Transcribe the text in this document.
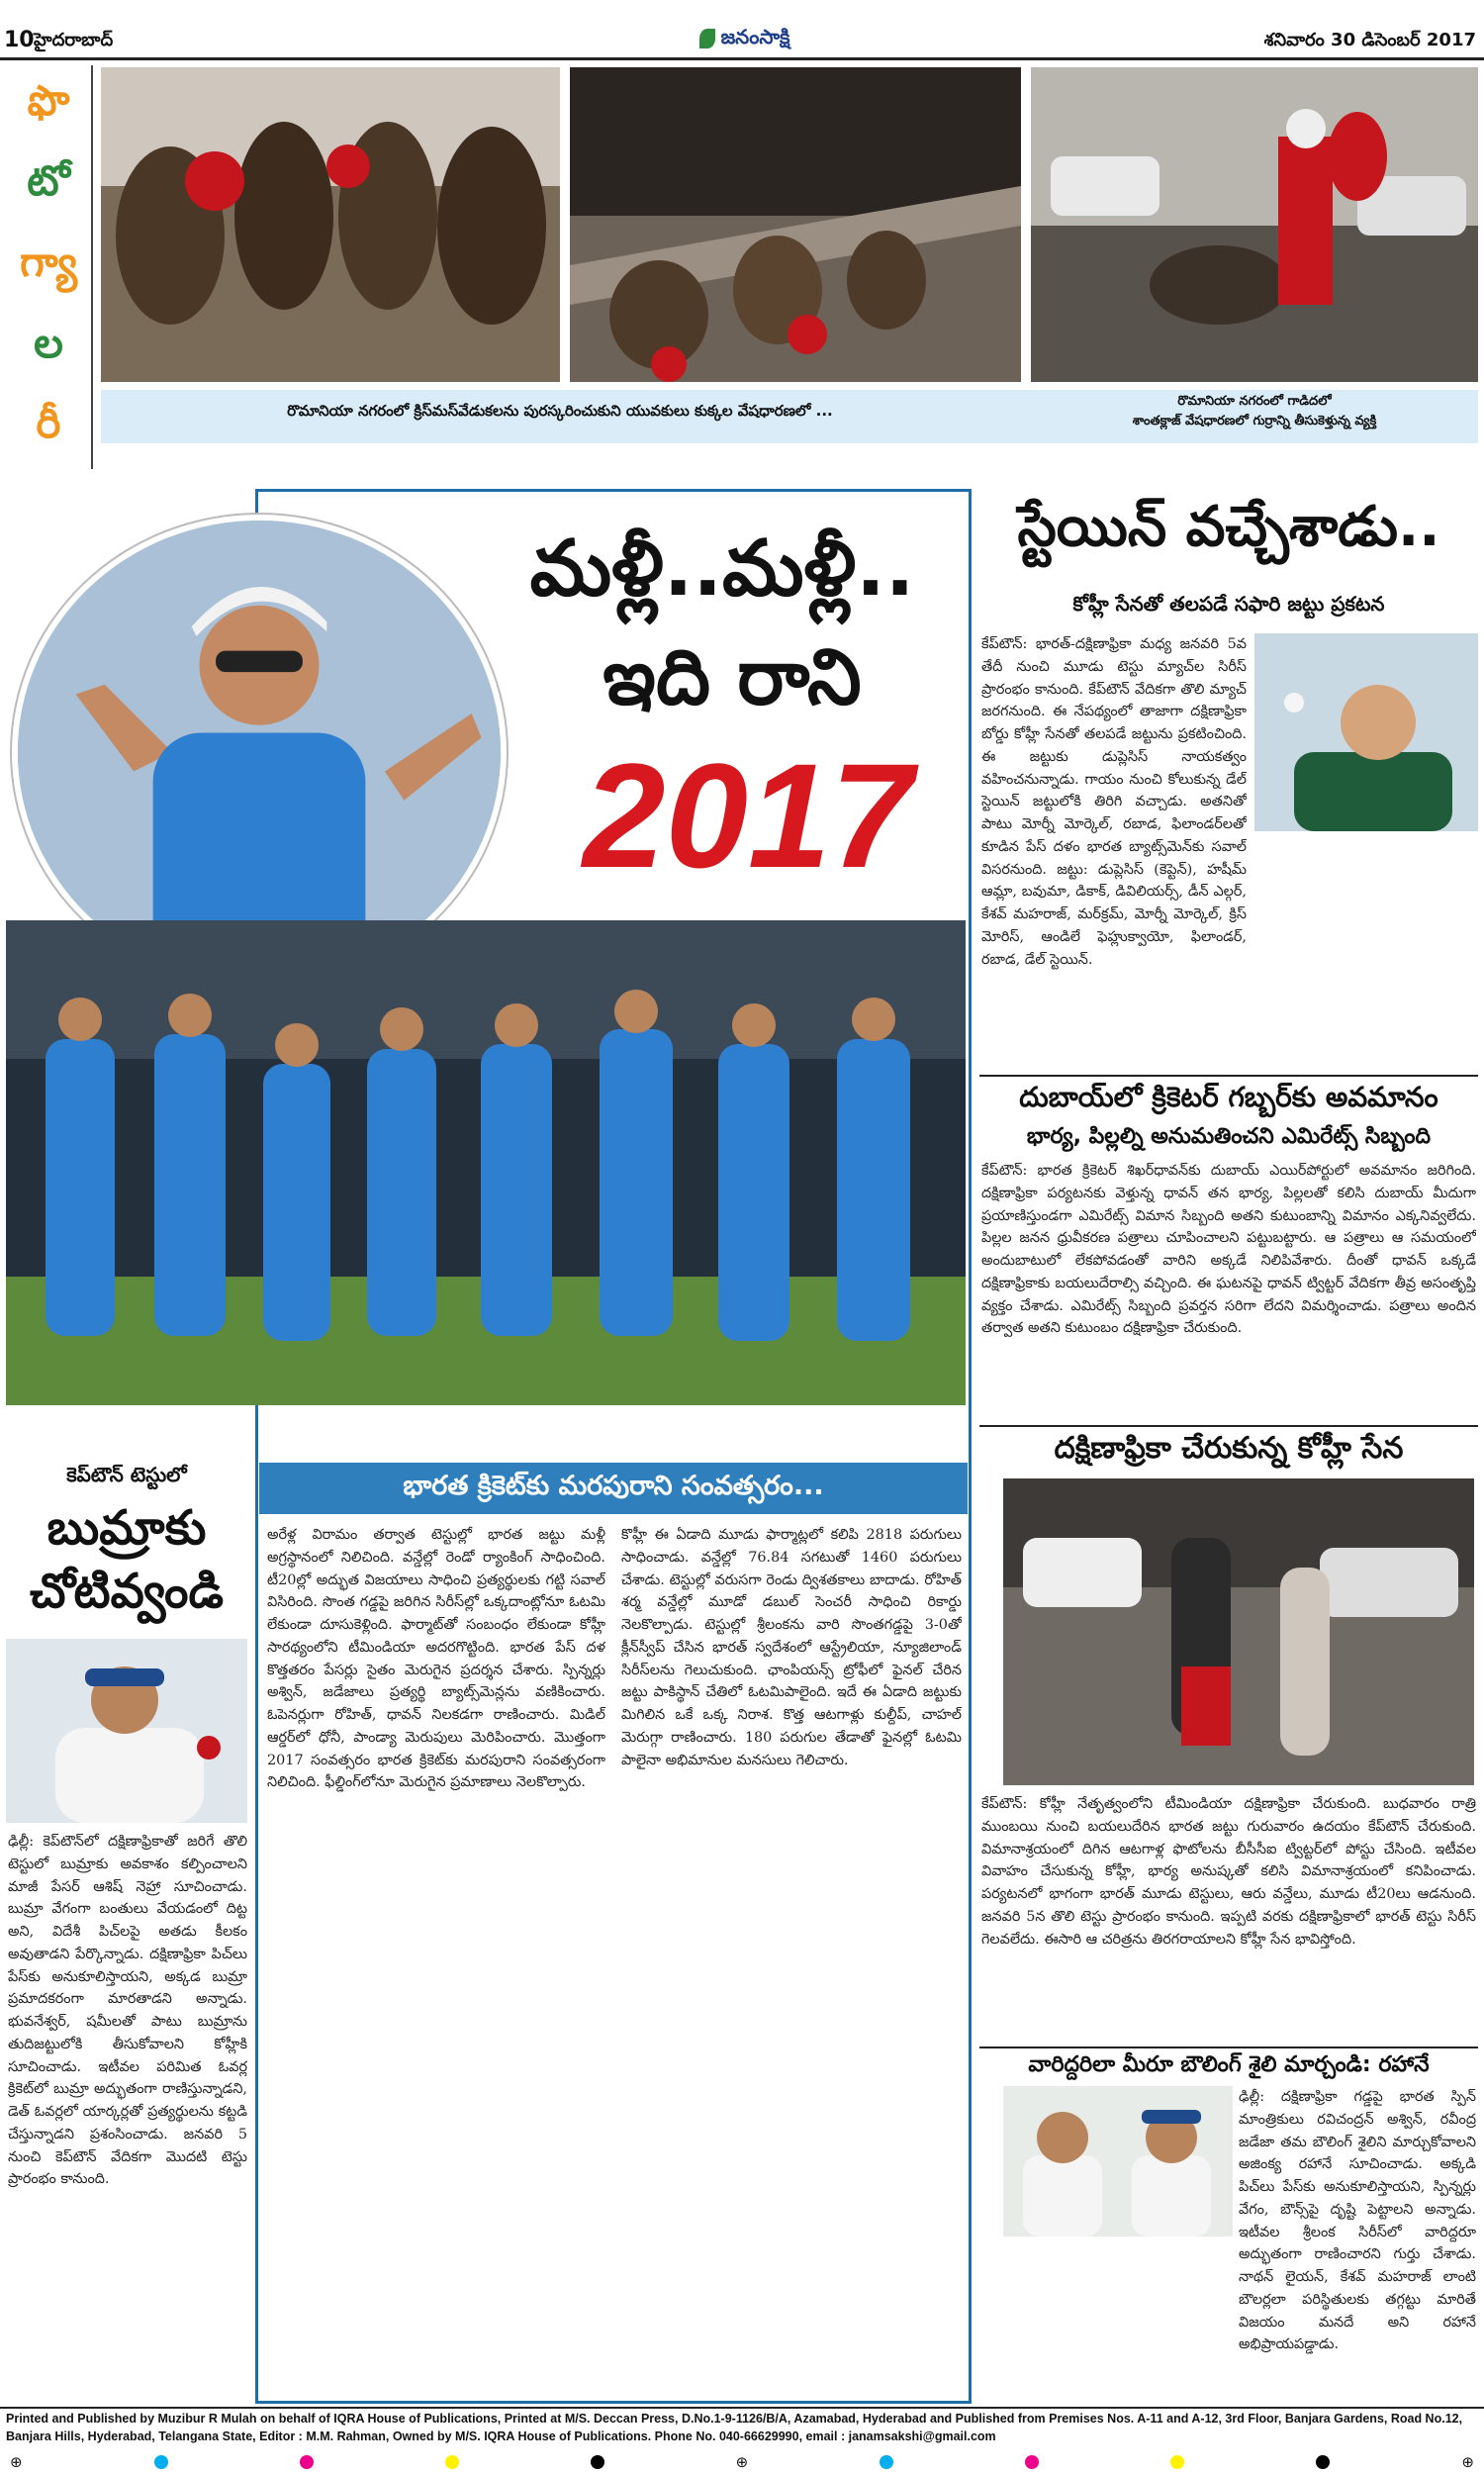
10 హైదరాబాద్	జనంసాక్షి	శనివారం 30 డిసెంబర్ 2017
ఫొ
టో
గ్యా
ల
రీ	రొమానియా నగరంలో క్రిస్‌మస్‌వేడుకలను పురస్కరించుకుని యువకులు కుక్కల వేషధారణలో ...
రొమానియా నగరంలో గాడిదలో
శాంతక్లాజ్ వేషధారణలో గుర్రాన్ని తీసుకెళ్తున్న వ్యక్తి
మళ్లీ..మళ్లీ..
ఇది రాని
2017
భారత క్రికెట్‌కు మరపురాని సంవత్సరం...
అరేళ్ల విరామం తర్వాత టెస్టుల్లో భారత జట్టు మళ్లీ అగ్రస్థానంలో నిలిచింది. వన్డేల్లో రెండో ర్యాంకింగ్ సాధించింది. టీ20ల్లో అద్భుత విజయాలు సాధించి ప్రత్యర్థులకు గట్టి సవాల్ విసిరింది. సొంత గడ్డపై జరిగిన సిరీస్‌ల్లో ఒక్కదాంట్లోనూ ఓటమి లేకుండా దూసుకెళ్లింది. ఫార్మాట్‌తో సంబంధం లేకుండా కోహ్లీ సారథ్యంలోని టీమిండియా అదరగొట్టింది. భారత పేస్ దళ కొత్తతరం పేసర్లు సైతం మెరుగైన ప్రదర్శన చేశారు. స్పిన్నర్లు అశ్విన్, జడేజాలు ప్రత్యర్థి బ్యాట్స్‌మెన్లను వణికించారు. ఓపెనర్లుగా రోహిత్, ధావన్ నిలకడగా రాణించారు. మిడిల్ ఆర్డర్‌లో ధోనీ, పాండ్యా మెరుపులు మెరిపించారు. మొత్తంగా 2017 సంవత్సరం భారత క్రికెట్‌కు మరపురాని సంవత్సరంగా నిలిచింది. ఫీల్డింగ్‌లోనూ మెరుగైన ప్రమాణాలు నెలకొల్పారు.
కొహ్లీ ఈ ఏడాది మూడు ఫార్మాట్లలో కలిపి 2818 పరుగులు సాధించాడు. వన్డేల్లో 76.84 సగటుతో 1460 పరుగులు చేశాడు. టెస్టుల్లో వరుసగా రెండు ద్విశతకాలు బాదాడు. రోహిత్ శర్మ వన్డేల్లో మూడో డబుల్ సెంచరీ సాధించి రికార్డు నెలకొల్పాడు. టెస్టుల్లో శ్రీలంకను వారి సొంతగడ్డపై 3-0తో క్లీన్‌స్వీప్ చేసిన భారత్ స్వదేశంలో ఆస్ట్రేలియా, న్యూజిలాండ్ సిరీస్‌లను గెలుచుకుంది. ఛాంపియన్స్ ట్రోఫీలో ఫైనల్ చేరిన జట్టు పాకిస్థాన్ చేతిలో ఓటమిపాలైంది. ఇదే ఈ ఏడాది జట్టుకు మిగిలిన ఒకే ఒక్క నిరాశ. కొత్త ఆటగాళ్లు కుల్దీప్, చాహల్ మెరుగ్గా రాణించారు. 180 పరుగుల తేడాతో ఫైనల్లో ఓటమి పాలైనా అభిమానుల మనసులు గెలిచారు.
కెప్‌టౌన్ టెస్టులో
బుమ్రాకు
చోటివ్వండి
ఢిల్లీ: కెప్‌టౌన్‌లో దక్షిణాఫ్రికాతో జరిగే తొలి టెస్టులో బుమ్రాకు అవకాశం కల్పించాలని మాజీ పేసర్ ఆశిష్ నెహ్రా సూచించాడు. బుమ్రా వేగంగా బంతులు వేయడంలో దిట్ట అని, విదేశీ పిచ్‌లపై అతడు కీలకం అవుతాడని పేర్కొన్నాడు. దక్షిణాఫ్రికా పిచ్‌లు పేస్‌కు అనుకూలిస్తాయని, అక్కడ బుమ్రా ప్రమాదకరంగా మారతాడని అన్నాడు. భువనేశ్వర్, షమీలతో పాటు బుమ్రాను తుదిజట్టులోకి తీసుకోవాలని కోహ్లీకి సూచించాడు. ఇటీవల పరిమిత ఓవర్ల క్రికెట్‌లో బుమ్రా అద్భుతంగా రాణిస్తున్నాడని, డెత్ ఓవర్లలో యార్కర్లతో ప్రత్యర్థులను కట్టడి చేస్తున్నాడని ప్రశంసించాడు. జనవరి 5 నుంచి కెప్‌టౌన్ వేదికగా మొదటి టెస్టు ప్రారంభం కానుంది.
స్టేయిన్ వచ్చేశాడు..
కోహ్లీ సేనతో తలపడే సఫారి జట్టు ప్రకటన
కేప్‌టౌన్: భారత్-దక్షిణాఫ్రికా మధ్య జనవరి 5వ తేదీ నుంచి మూడు టెస్టు మ్యాచ్‌ల సిరీస్ ప్రారంభం కానుంది. కేప్‌టౌన్ వేదికగా తొలి మ్యాచ్ జరగనుంది. ఈ నేపథ్యంలో తాజాగా దక్షిణాఫ్రికా బోర్డు కోహ్లీ సేనతో తలపడే జట్టును ప్రకటించింది. ఈ జట్టుకు డుప్లెసిస్ నాయకత్వం వహించనున్నాడు. గాయం నుంచి కోలుకున్న డేల్ స్టెయిన్ జట్టులోకి తిరిగి వచ్చాడు. అతనితో పాటు మోర్నీ మోర్కెల్, రబాడ, ఫిలాండర్‌లతో కూడిన పేస్ దళం భారత బ్యాట్స్‌మెన్‌కు సవాల్ విసరనుంది. జట్టు: డుప్లెసిస్ (కెప్టెన్), హషీమ్ ఆమ్లా, బవుమా, డికాక్, డివిలియర్స్, డీన్ ఎల్గర్, కేశవ్ మహరాజ్, మర్‌క్రమ్, మోర్నీ మోర్కెల్, క్రిస్ మోరిస్, ఆండిలే ఫెహ్లుక్వాయో, ఫిలాండర్, రబాడ, డేల్ స్టెయిన్.
దుబాయ్‌లో క్రికెటర్ గబ్బర్‌కు అవమానం
భార్య, పిల్లల్ని అనుమతించని ఎమిరేట్స్ సిబ్బంది
కేప్‌టౌన్: భారత క్రికెటర్ శిఖర్‌ధావన్‌కు దుబాయ్ ఎయిర్‌పోర్టులో అవమానం జరిగింది. దక్షిణాఫ్రికా పర్యటనకు వెళ్తున్న ధావన్ తన భార్య, పిల్లలతో కలిసి దుబాయ్ మీదుగా ప్రయాణిస్తుండగా ఎమిరేట్స్ విమాన సిబ్బంది అతని కుటుంబాన్ని విమానం ఎక్కనివ్వలేదు. పిల్లల జనన ధ్రువీకరణ పత్రాలు చూపించాలని పట్టుబట్టారు. ఆ పత్రాలు ఆ సమయంలో అందుబాటులో లేకపోవడంతో వారిని అక్కడే నిలిపివేశారు. దీంతో ధావన్ ఒక్కడే దక్షిణాఫ్రికాకు బయలుదేరాల్సి వచ్చింది. ఈ ఘటనపై ధావన్ ట్విట్టర్ వేదికగా తీవ్ర అసంతృప్తి వ్యక్తం చేశాడు. ఎమిరేట్స్ సిబ్బంది ప్రవర్తన సరిగా లేదని విమర్శించాడు. పత్రాలు అందిన తర్వాత అతని కుటుంబం దక్షిణాఫ్రికా చేరుకుంది.
దక్షిణాఫ్రికా చేరుకున్న కోహ్లీ సేన
కేప్‌టౌన్: కోహ్లీ నేతృత్వంలోని టీమిండియా దక్షిణాఫ్రికా చేరుకుంది. బుధవారం రాత్రి ముంబయి నుంచి బయలుదేరిన భారత జట్టు గురువారం ఉదయం కేప్‌టౌన్ చేరుకుంది. విమానాశ్రయంలో దిగిన ఆటగాళ్ల ఫొటోలను బీసీసీఐ ట్విట్టర్‌లో పోస్టు చేసింది. ఇటీవల వివాహం చేసుకున్న కోహ్లీ, భార్య అనుష్కతో కలిసి విమానాశ్రయంలో కనిపించాడు. పర్యటనలో భాగంగా భారత్ మూడు టెస్టులు, ఆరు వన్డేలు, మూడు టీ20లు ఆడనుంది. జనవరి 5న తొలి టెస్టు ప్రారంభం కానుంది. ఇప్పటి వరకు దక్షిణాఫ్రికాలో భారత్ టెస్టు సిరీస్ గెలవలేదు. ఈసారి ఆ చరిత్రను తిరగరాయాలని కోహ్లీ సేన భావిస్తోంది.
వారిద్దరిలా మీరూ బౌలింగ్ శైలి మార్చండి: రహానే
ఢిల్లీ: దక్షిణాఫ్రికా గడ్డపై భారత స్పిన్ మాంత్రికులు రవిచంద్రన్ అశ్విన్, రవీంద్ర జడేజా తమ బౌలింగ్ శైలిని మార్చుకోవాలని అజింక్య రహానే సూచించాడు. అక్కడి పిచ్‌లు పేస్‌కు అనుకూలిస్తాయని, స్పిన్నర్లు వేగం, బౌన్స్‌పై దృష్టి పెట్టాలని అన్నాడు. ఇటీవల శ్రీలంక సిరీస్‌లో వారిద్దరూ అద్భుతంగా రాణించారని గుర్తు చేశాడు. నాథన్ లైయన్, కేశవ్ మహరాజ్ లాంటి బౌలర్లలా పరిస్థితులకు తగ్గట్టు మారితే విజయం మనదే అని రహానే అభిప్రాయపడ్డాడు.
Printed and Published by Muzibur R Mulah on behalf of IQRA House of Publications, Printed at M/S. Deccan Press, D.No.1-9-1126/B/A, Azamabad, Hyderabad and Published from Premises Nos. A-11 and A-12, 3rd Floor, Banjara Gardens, Road No.12, Banjara Hills, Hyderabad, Telangana State, Editor : M.M. Rahman, Owned by M/S. IQRA House of Publications. Phone No. 040-66629990, email : janamsakshi@gmail.com
⊕	⊕	⊕
